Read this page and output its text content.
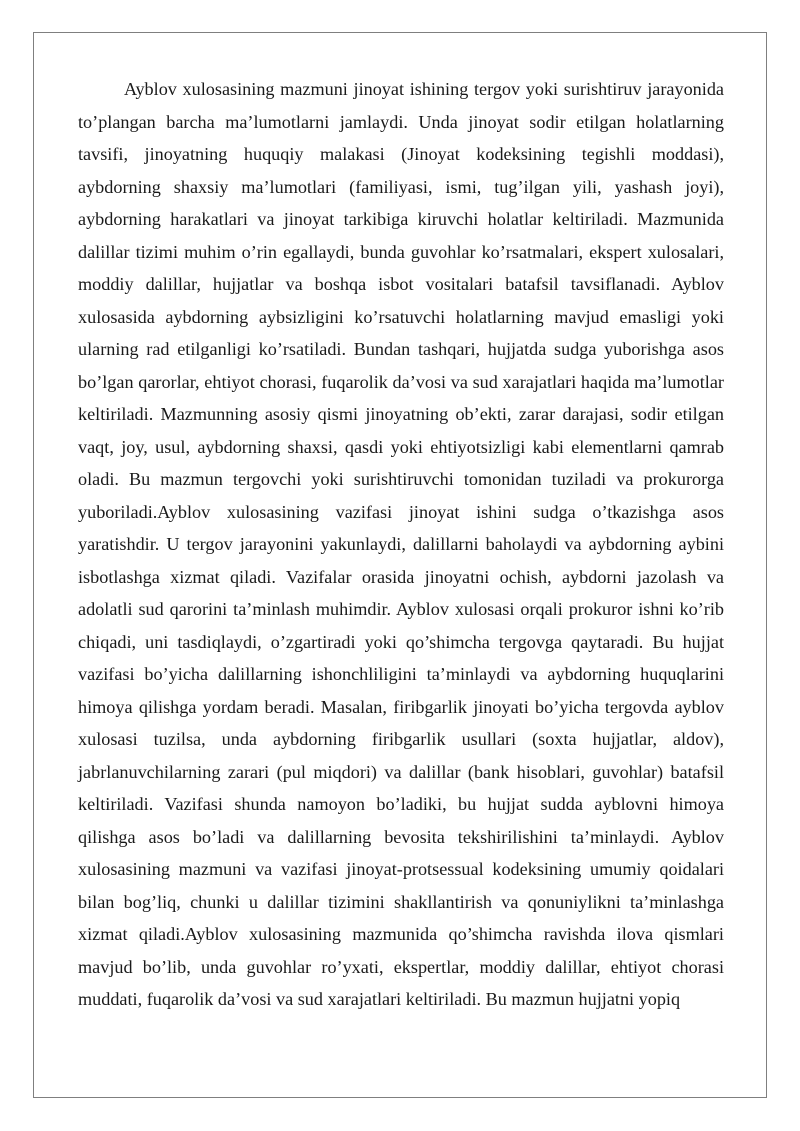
Ayblov xulosasining mazmuni jinoyat ishining tergov yoki surishtiruv jarayonida to’plangan barcha ma’lumotlarni jamlaydi. Unda jinoyat sodir etilgan holatlarning tavsifi, jinoyatning huquqiy malakasi (Jinoyat kodeksining tegishli moddasi), aybdorning shaxsiy ma’lumotlari (familiyasi, ismi, tug’ilgan yili, yashash joyi), aybdorning harakatlari va jinoyat tarkibiga kiruvchi holatlar keltiriladi. Mazmunida dalillar tizimi muhim o’rin egallaydi, bunda guvohlar ko’rsatmalari, ekspert xulosalari, moddiy dalillar, hujjatlar va boshqa isbot vositalari batafsil tavsiflanadi. Ayblov xulosasida aybdorning aybsizligini ko’rsatuvchi holatlarning mavjud emasligi yoki ularning rad etilganligi ko’rsatiladi. Bundan tashqari, hujjatda sudga yuborishga asos bo’lgan qarorlar, ehtiyot chorasi, fuqarolik da’vosi va sud xarajatlari haqida ma’lumotlar keltiriladi. Mazmunning asosiy qismi jinoyatning ob’ekti, zarar darajasi, sodir etilgan vaqt, joy, usul, aybdorning shaxsi, qasdi yoki ehtiyotsizligi kabi elementlarni qamrab oladi. Bu mazmun tergovchi yoki surishtiruvchi tomonidan tuziladi va prokurorga yuboriladi.Ayblov xulosasining vazifasi jinoyat ishini sudga o’tkazishga asos yaratishdir. U tergov jarayonini yakunlaydi, dalillarni baholaydi va aybdorning aybini isbotlashga xizmat qiladi. Vazifalar orasida jinoyatni ochish, aybdorni jazolash va adolatli sud qarorini ta’minlash muhimdir. Ayblov xulosasi orqali prokuror ishni ko’rib chiqadi, uni tasdiqlaydi, o’zgartiradi yoki qo’shimcha tergovga qaytaradi. Bu hujjat vazifasi bo’yicha dalillarning ishonchliligini ta’minlaydi va aybdorning huquqlarini himoya qilishga yordam beradi. Masalan, firibgarlik jinoyati bo’yicha tergovda ayblov xulosasi tuzilsa, unda aybdorning firibgarlik usullari (soxta hujjatlar, aldov), jabrlanuvchilarning zarari (pul miqdori) va dalillar (bank hisoblari, guvohlar) batafsil keltiriladi. Vazifasi shunda namoyon bo’ladiki, bu hujjat sudda ayblovni himoya qilishga asos bo’ladi va dalillarning bevosita tekshirilishini ta’minlaydi. Ayblov xulosasining mazmuni va vazifasi jinoyat-protsessual kodeksining umumiy qoidalari bilan bog’liq, chunki u dalillar tizimini shakllantirish va qonuniylikni ta’minlashga xizmat qiladi.Ayblov xulosasining mazmunida qo’shimcha ravishda ilova qismlari mavjud bo’lib, unda guvohlar ro’yxati, ekspertlar, moddiy dalillar, ehtiyot chorasi muddati, fuqarolik da’vosi va sud xarajatlari keltiriladi. Bu mazmun hujjatni yopiq
